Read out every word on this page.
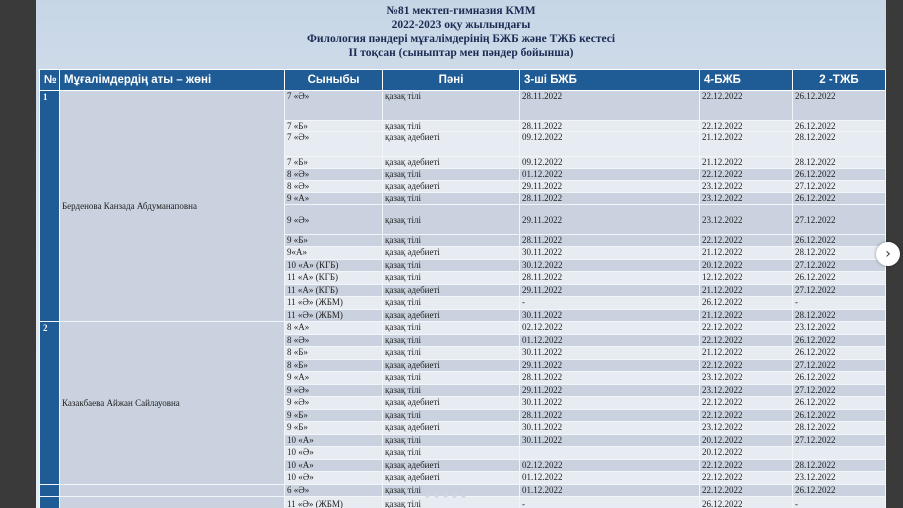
№81 мектеп-гимназия КММ
2022-2023 оқу жылындағы
Филология пәндері мұғалімдерінің БЖБ және ТЖБ кестесі
II тоқсан (сыныптар мен пәндер бойынша)
№	Мұғалімдердің аты – жөні	Сыныбы	Пәні	3-ші БЖБ	4-БЖБ	2 -ТЖБ
1	Берденова Канзада Абдуманаповна	7 «Ә»	қазақ тілі	28.11.2022	22.12.2022	26.12.2022
		7 «Б»	қазақ тілі	28.11.2022	22.12.2022	26.12.2022
		7 «Ә»	қазақ әдебиеті	09.12.2022	21.12.2022	28.12.2022
		7 «Б»	қазақ әдебиеті	09.12.2022	21.12.2022	28.12.2022
		8 «Ә»	қазақ тілі	01.12.2022	22.12.2022	26.12.2022
		8 «Ә»	қазақ әдебиеті	29.11.2022	23.12.2022	27.12.2022
		9 «А»	қазақ тілі	28.11.2022	23.12.2022	26.12.2022
		9 «Ә»	қазақ тілі	29.11.2022	23.12.2022	27.12.2022
		9 «Б»	қазақ тілі	28.11.2022	22.12.2022	26.12.2022
		9«А»	қазақ әдебиеті	30.11.2022	21.12.2022	28.12.2022
		10 «А» (КГБ)	қазақ тілі	30.12.2022	20.12.2022	27.12.2022
		11 «А» (КГБ)	қазақ тілі	28.11.2022	12.12.2022	26.12.2022
		11 «А» (КГБ)	қазақ әдебиеті	29.11.2022	21.12.2022	27.12.2022
		11 «Ә» (ЖБМ)	қазақ тілі	-	26.12.2022	-
		11 «Ә» (ЖБМ)	қазақ әдебиеті	30.11.2022	21.12.2022	28.12.2022
2	Казакбаева Айжан Сайлауовна	8 «А»	қазақ тілі	02.12.2022	22.12.2022	23.12.2022
		8 «Ә»	қазақ тілі	01.12.2022	22.12.2022	26.12.2022
		8 «Б»	қазақ тілі	30.11.2022	21.12.2022	26.12.2022
		8 «Б»	қазақ әдебиеті	29.11.2022	22.12.2022	27.12.2022
		9 «А»	қазақ тілі	28.11.2022	23.12.2022	26.12.2022
		9 «Ә»	қазақ тілі	29.11.2022	23.12.2022	27.12.2022
		9 «Ә»	қазақ әдебиеті	30.11.2022	22.12.2022	26.12.2022
		9 «Б»	қазақ тілі	28.11.2022	22.12.2022	26.12.2022
		9 «Б»	қазақ әдебиеті	30.11.2022	23.12.2022	28.12.2022
		10 «А»	қазақ тілі	30.11.2022	20.12.2022	27.12.2022
		10 «Ә»	қазақ тілі		20.12.2022	
		10 «А»	қазақ әдебиеті	02.12.2022	22.12.2022	28.12.2022
		10 «Ә»	қазақ әдебиеті	01.12.2022	22.12.2022	23.12.2022
		6 «Ә»	қазақ тілі	01.12.2022	22.12.2022	26.12.2022
		11 «Ә» (ЖБМ)	қазақ тілі	-	26.12.2022	-
›
